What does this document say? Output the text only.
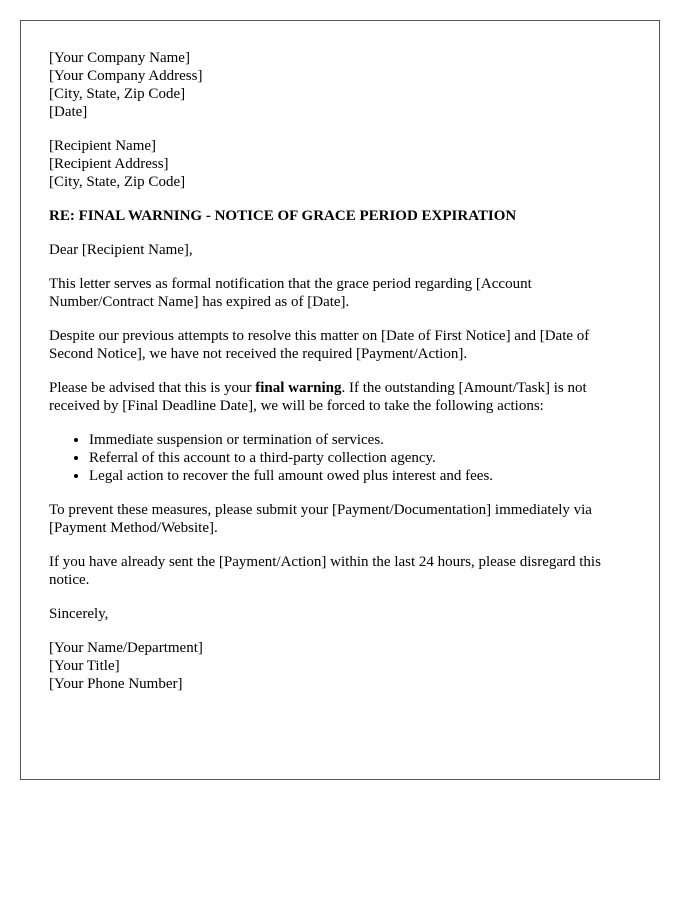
[Your Company Name]
[Your Company Address]
[City, State, Zip Code]
[Date]
[Recipient Name]
[Recipient Address]
[City, State, Zip Code]

RE: FINAL WARNING - NOTICE OF GRACE PERIOD EXPIRATION

Dear [Recipient Name],

This letter serves as formal notification that the grace period regarding [Account Number/Contract Name] has expired as of [Date].

Despite our previous attempts to resolve this matter on [Date of First Notice] and [Date of Second Notice], we have not received the required [Payment/Action].

Please be advised that this is your final warning. If the outstanding [Amount/Task] is not received by [Final Deadline Date], we will be forced to take the following actions:

• Immediate suspension or termination of services.
• Referral of this account to a third-party collection agency.
• Legal action to recover the full amount owed plus interest and fees.

To prevent these measures, please submit your [Payment/Documentation] immediately via [Payment Method/Website].

If you have already sent the [Payment/Action] within the last 24 hours, please disregard this notice.

Sincerely,

[Your Name/Department]
[Your Title]
[Your Phone Number]
